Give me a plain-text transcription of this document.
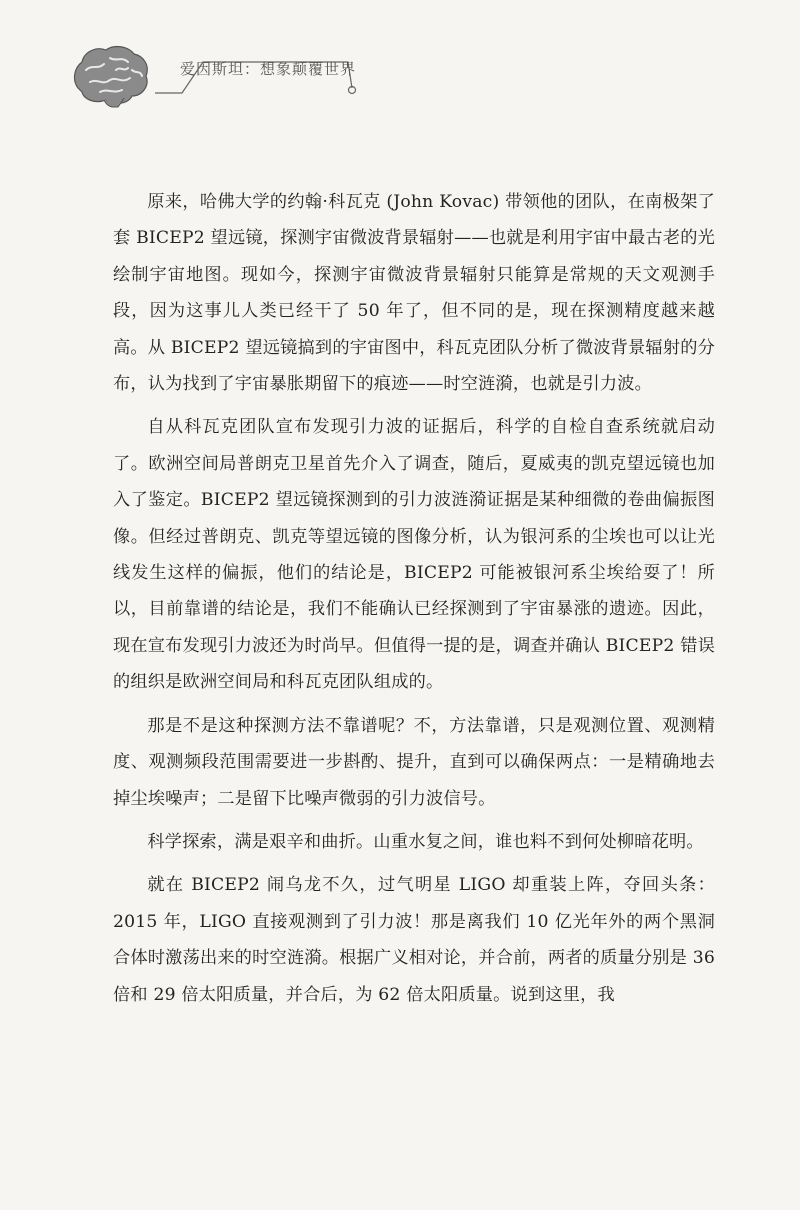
爱因斯坦：想象颠覆世界

原来，哈佛大学的约翰·科瓦克 (John Kovac) 带领他的团队，在南极架了套 BICEP2 望远镜，探测宇宙微波背景辐射——也就是利用宇宙中最古老的光绘制宇宙地图。现如今，探测宇宙微波背景辐射只能算是常规的天文观测手段，因为这事儿人类已经干了 50 年了，但不同的是，现在探测精度越来越高。从 BICEP2 望远镜搞到的宇宙图中，科瓦克团队分析了微波背景辐射的分布，认为找到了宇宙暴胀期留下的痕迹——时空涟漪，也就是引力波。

自从科瓦克团队宣布发现引力波的证据后，科学的自检自查系统就启动了。欧洲空间局普朗克卫星首先介入了调查，随后，夏威夷的凯克望远镜也加入了鉴定。BICEP2 望远镜探测到的引力波涟漪证据是某种细微的卷曲偏振图像。但经过普朗克、凯克等望远镜的图像分析，认为银河系的尘埃也可以让光线发生这样的偏振，他们的结论是，BICEP2 可能被银河系尘埃给耍了！所以，目前靠谱的结论是，我们不能确认已经探测到了宇宙暴涨的遗迹。因此，现在宣布发现引力波还为时尚早。但值得一提的是，调查并确认 BICEP2 错误的组织是欧洲空间局和科瓦克团队组成的。

那是不是这种探测方法不靠谱呢？不，方法靠谱，只是观测位置、观测精度、观测频段范围需要进一步斟酌、提升，直到可以确保两点：一是精确地去掉尘埃噪声；二是留下比噪声微弱的引力波信号。

科学探索，满是艰辛和曲折。山重水复之间，谁也料不到何处柳暗花明。

就在 BICEP2 闹乌龙不久，过气明星 LIGO 却重装上阵，夺回头条：2015 年，LIGO 直接观测到了引力波！那是离我们 10 亿光年外的两个黑洞合体时激荡出来的时空涟漪。根据广义相对论，并合前，两者的质量分别是 36 倍和 29 倍太阳质量，并合后，为 62 倍太阳质量。说到这里，我
